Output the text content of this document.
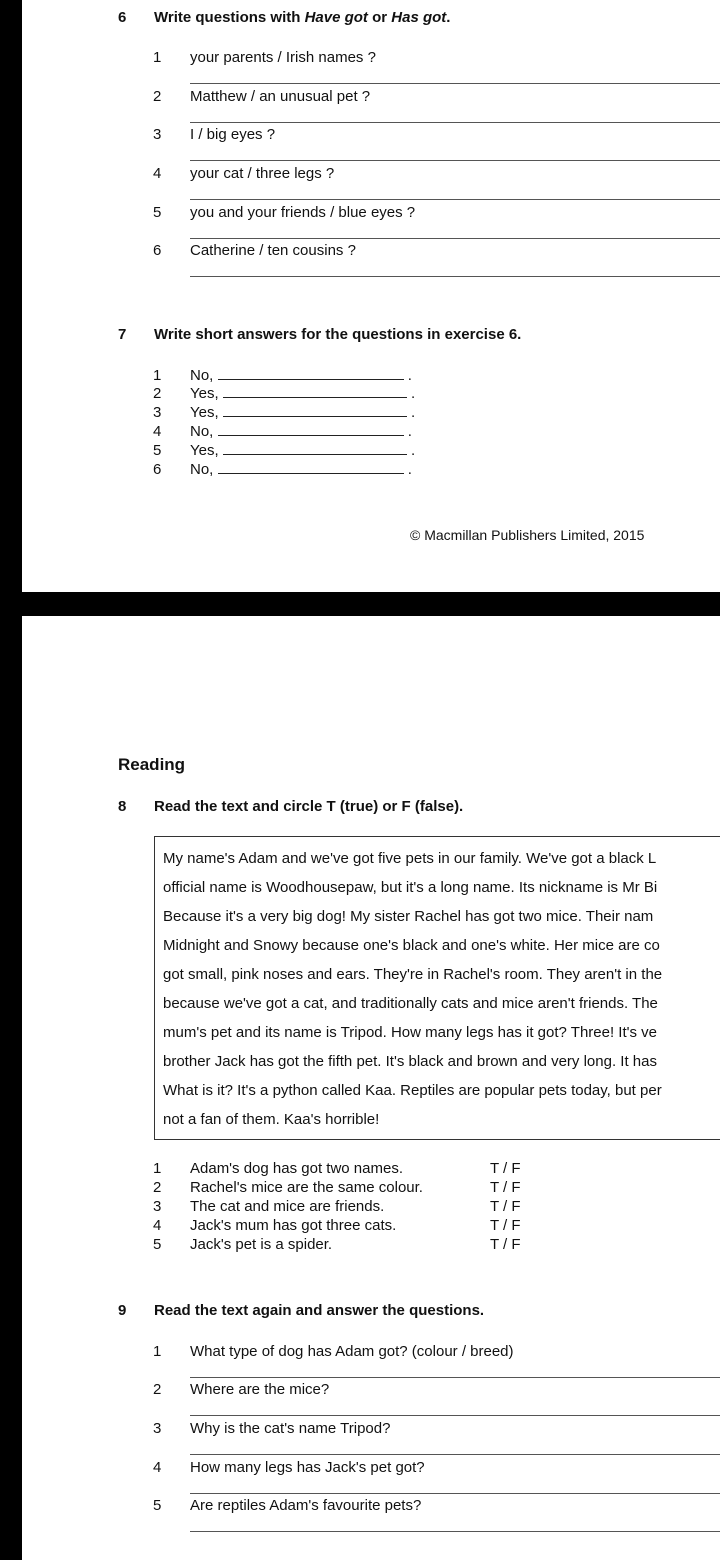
6 Write questions with Have got or Has got.
1 your parents / Irish names ?
2 Matthew / an unusual pet ?
3 I / big eyes ?
4 your cat / three legs ?
5 you and your friends / blue eyes ?
6 Catherine / ten cousins ?
7 Write short answers for the questions in exercise 6.
1 No,	.
2 Yes,	.
3 Yes,	.
4 No,	.
5 Yes,	.
6 No,	.
© Macmillan Publishers Limited, 2015
Reading
8 Read the text and circle T (true) or F (false).

My name's Adam and we've got five pets in our family. We've got a black L

official name is Woodhousepaw, but it's a long name. Its nickname is Mr Bi

Because it's a very big dog! My sister Rachel has got two mice. Their nam

Midnight and Snowy because one's black and one's white. Her mice are co

got small, pink noses and ears. They're in Rachel's room. They aren't in the

because we've got a cat, and traditionally cats and mice aren't friends. The

mum's pet and its name is Tripod. How many legs has it got? Three! It's ve

brother Jack has got the fifth pet. It's black and brown and very long. It has

What is it? It's a python called Kaa. Reptiles are popular pets today, but per

not a fan of them. Kaa's horrible!

1 Adam's dog has got two names.	T / F
2 Rachel's mice are the same colour.	T / F
3 The cat and mice are friends.	T / F
4 Jack's mum has got three cats.	T / F
5 Jack's pet is a spider.	T / F
9 Read the text again and answer the questions.
1 What type of dog has Adam got? (colour / breed)
2 Where are the mice?
3 Why is the cat's name Tripod?
4 How many legs has Jack's pet got?
5 Are reptiles Adam's favourite pets?
